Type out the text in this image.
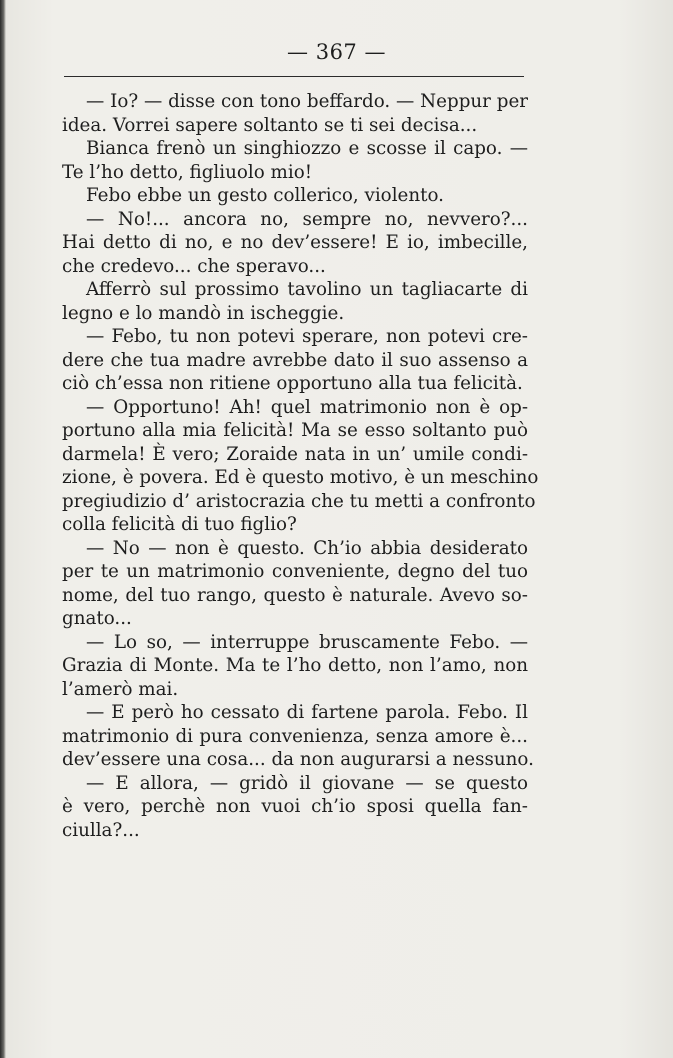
— 367 —
— Io? — disse con tono beffardo. — Neppur per
idea. Vorrei sapere soltanto se ti sei decisa...
Bianca frenò un singhiozzo e scosse il capo. —
Te l’ho detto, figliuolo mio!
Febo ebbe un gesto collerico, violento.
— No!... ancora no, sempre no, nevvero?...
Hai detto di no, e no dev’essere! E io, imbecille,
che credevo... che speravo...
Afferrò sul prossimo tavolino un tagliacarte di
legno e lo mandò in ischeggie.
— Febo, tu non potevi sperare, non potevi cre-
dere che tua madre avrebbe dato il suo assenso a
ciò ch’essa non ritiene opportuno alla tua felicità.
— Opportuno! Ah! quel matrimonio non è op-
portuno alla mia felicità! Ma se esso soltanto può
darmela! È vero; Zoraide nata in un’ umile condi-
zione, è povera. Ed è questo motivo, è un meschino
pregiudizio d’ aristocrazia che tu metti a confronto
colla felicità di tuo figlio?
— No — non è questo. Ch’io abbia desiderato
per te un matrimonio conveniente, degno del tuo
nome, del tuo rango, questo è naturale. Avevo so-
gnato...
— Lo so, — interruppe bruscamente Febo. —
Grazia di Monte. Ma te l’ho detto, non l’amo, non
l’amerò mai.
— E però ho cessato di fartene parola. Febo. Il
matrimonio di pura convenienza, senza amore è...
dev’essere una cosa... da non augurarsi a nessuno.
— E allora, — gridò il giovane — se questo
è vero, perchè non vuoi ch’io sposi quella fan-
ciulla?...
